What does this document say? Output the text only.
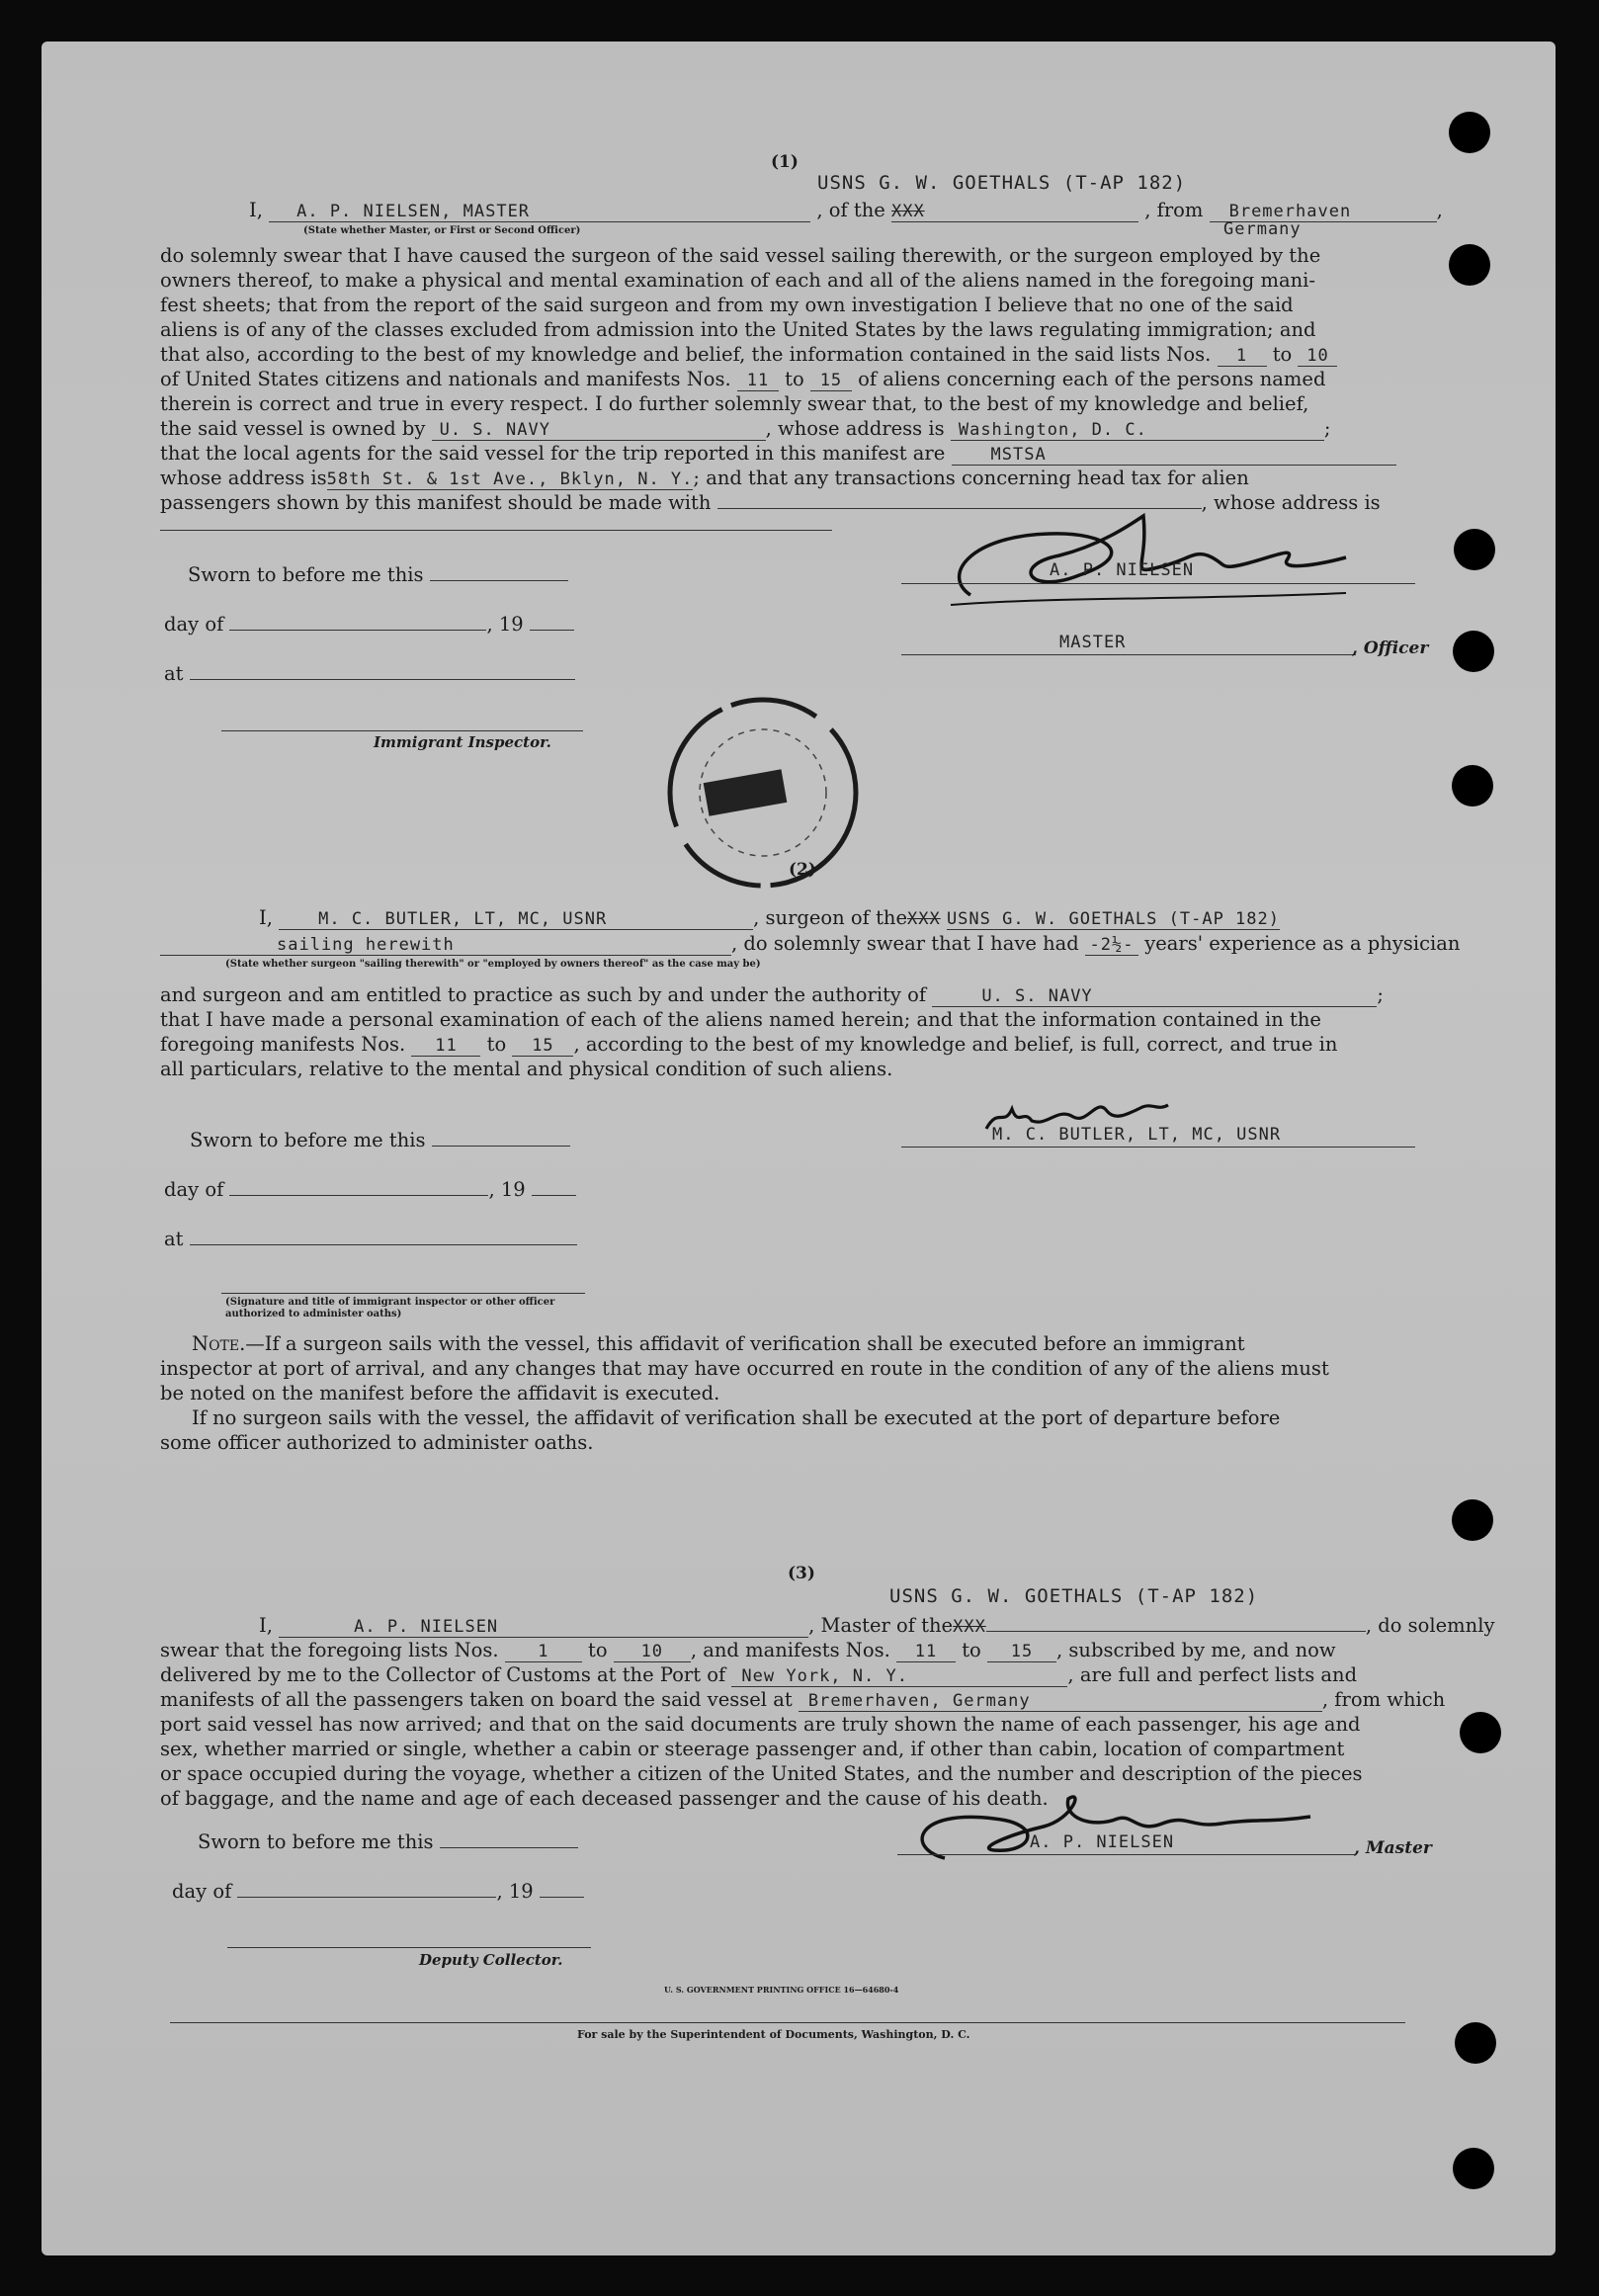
(1)
USNS G. W. GOETHALS (T-AP 182)
I, A. P. NIELSEN, MASTER	, of the XXX	, from Bremerhaven	,
(State whether Master, or First or Second Officer)	Germany
do solemnly swear that I have caused the surgeon of the said vessel sailing therewith, or the surgeon employed by the
owners thereof, to make a physical and mental examination of each and all of the aliens named in the foregoing mani-
fest sheets; that from the report of the said surgeon and from my own investigation I believe that no one of the said
aliens is of any of the classes excluded from admission into the United States by the laws regulating immigration; and
that also, according to the best of my knowledge and belief, the information contained in the said lists Nos. 1 to 10
of United States citizens and nationals and manifests Nos. 11 to 15 of aliens concerning each of the persons named
therein is correct and true in every respect. I do further solemnly swear that, to the best of my knowledge and belief,
the said vessel is owned by U. S. NAVY	, whose address is Washington, D. C.	;
that the local agents for the said vessel for the trip reported in this manifest are	MSTSA
whose address is58th St. & 1st Ave., Bklyn, N. Y.; and that any transactions concerning head tax for alien
passengers shown by this manifest should be made with	, whose address is
Sworn to before me this
day of	, 19
at
Immigrant Inspector.
A. P. NIELSEN
MASTER	, Officer
(2)
I,	M. C. BUTLER, LT, MC, USNR	, surgeon of theXXX USNS G. W. GOETHALS (T-AP 182)
sailing herewith	, do solemnly swear that I have had -2½- years' experience as a physician
(State whether surgeon "sailing therewith" or "employed by owners thereof" as the case may be)
and surgeon and am entitled to practice as such by and under the authority of	U. S. NAVY	;
that I have made a personal examination of each of the aliens named herein; and that the information contained in the
foregoing manifests Nos. 11 to 15 , according to the best of my knowledge and belief, is full, correct, and true in
all particulars, relative to the mental and physical condition of such aliens.
Sworn to before me this
day of	, 19
at
(Signature and title of immigrant inspector or other officer authorized to administer oaths)
M. C. BUTLER, LT, MC, USNR
Note.—If a surgeon sails with the vessel, this affidavit of verification shall be executed before an immigrant
inspector at port of arrival, and any changes that may have occurred en route in the condition of any of the aliens must
be noted on the manifest before the affidavit is executed.
If no surgeon sails with the vessel, the affidavit of verification shall be executed at the port of departure before
some officer authorized to administer oaths.
(3)
USNS G. W. GOETHALS (T-AP 182)
I,	A. P. NIELSEN	, Master of theXXX	, do solemnly
swear that the foregoing lists Nos. 1 to 10 , and manifests Nos. 11 to 15 , subscribed by me, and now
delivered by me to the Collector of Customs at the Port of New York, N. Y.	, are full and perfect lists and
manifests of all the passengers taken on board the said vessel at Bremerhaven, Germany	, from which
port said vessel has now arrived; and that on the said documents are truly shown the name of each passenger, his age and
sex, whether married or single, whether a cabin or steerage passenger and, if other than cabin, location of compartment
or space occupied during the voyage, whether a citizen of the United States, and the number and description of the pieces
of baggage, and the name and age of each deceased passenger and the cause of his death.
Sworn to before me this
day of	, 19
Deputy Collector.
A. P. NIELSEN	, Master
U. S. GOVERNMENT PRINTING OFFICE 16—64680-4
For sale by the Superintendent of Documents, Washington, D. C.
